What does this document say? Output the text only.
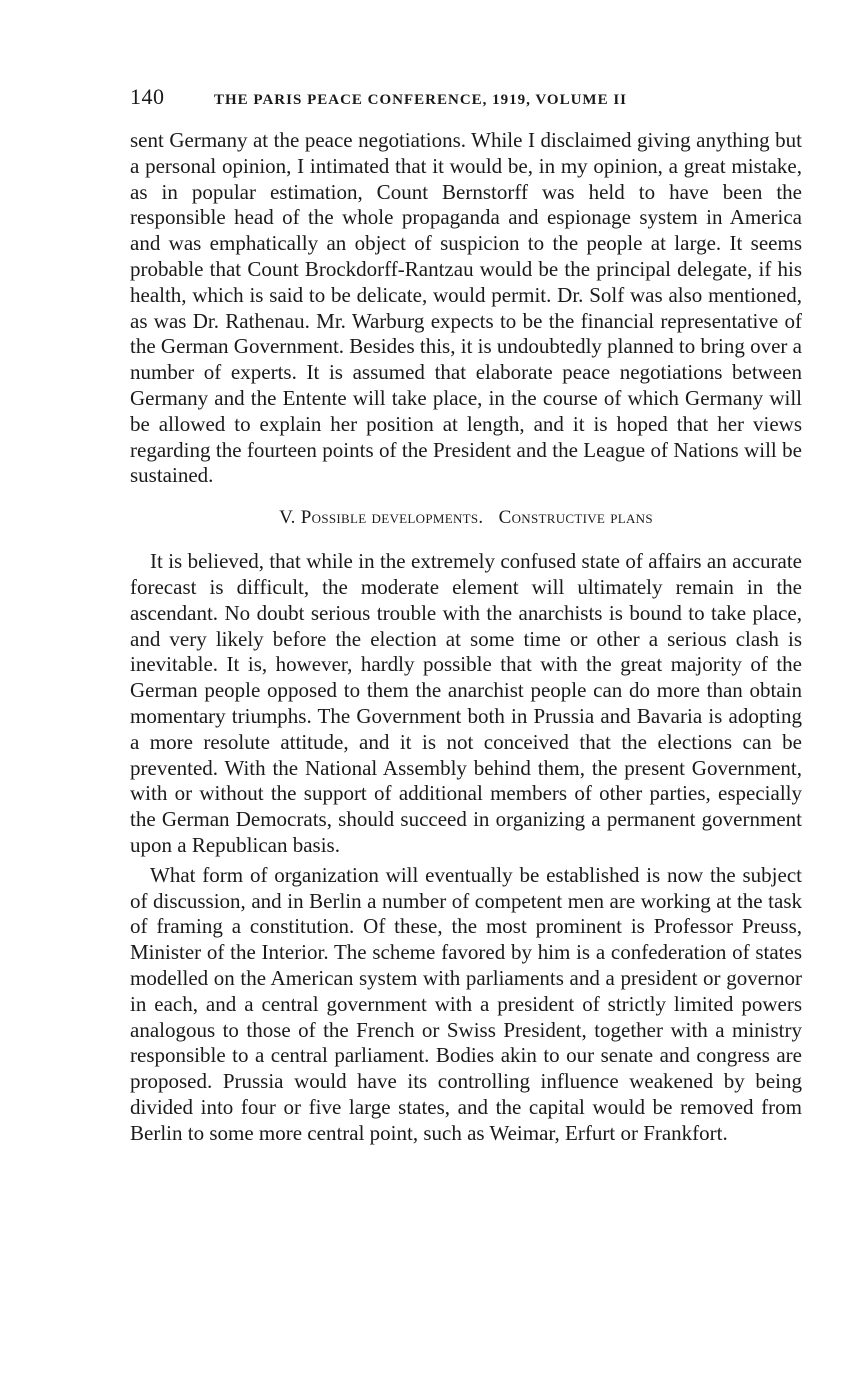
140	THE PARIS PEACE CONFERENCE, 1919, VOLUME II

sent Germany at the peace negotiations. While I disclaimed giving anything but a personal opinion, I intimated that it would be, in my opinion, a great mistake, as in popular estimation, Count Bernstorff was held to have been the responsible head of the whole propaganda and espionage system in America and was emphatically an object of suspicion to the people at large. It seems probable that Count Brockdorff-Rantzau would be the principal delegate, if his health, which is said to be delicate, would permit. Dr. Solf was also mentioned, as was Dr. Rathenau. Mr. Warburg expects to be the financial representative of the German Government. Besides this, it is undoubtedly planned to bring over a number of experts. It is assumed that elaborate peace negotiations between Germany and the Entente will take place, in the course of which Germany will be allowed to explain her position at length, and it is hoped that her views regarding the fourteen points of the President and the League of Nations will be sustained.

V. Possible developments. Constructive plans

It is believed, that while in the extremely confused state of affairs an accurate forecast is difficult, the moderate element will ultimately remain in the ascendant. No doubt serious trouble with the anarchists is bound to take place, and very likely before the election at some time or other a serious clash is inevitable. It is, however, hardly possible that with the great majority of the German people opposed to them the anarchist people can do more than obtain momentary triumphs. The Government both in Prussia and Bavaria is adopting a more resolute attitude, and it is not conceived that the elections can be prevented. With the National Assembly behind them, the present Government, with or without the support of additional members of other parties, especially the German Democrats, should succeed in organizing a permanent government upon a Republican basis.

What form of organization will eventually be established is now the subject of discussion, and in Berlin a number of competent men are working at the task of framing a constitution. Of these, the most prominent is Professor Preuss, Minister of the Interior. The scheme favored by him is a confederation of states modelled on the American system with parliaments and a president or governor in each, and a central government with a president of strictly limited powers analogous to those of the French or Swiss President, together with a ministry responsible to a central parliament. Bodies akin to our senate and congress are proposed. Prussia would have its controlling influence weakened by being divided into four or five large states, and the capital would be removed from Berlin to some more central point, such as Weimar, Erfurt or Frankfort.
